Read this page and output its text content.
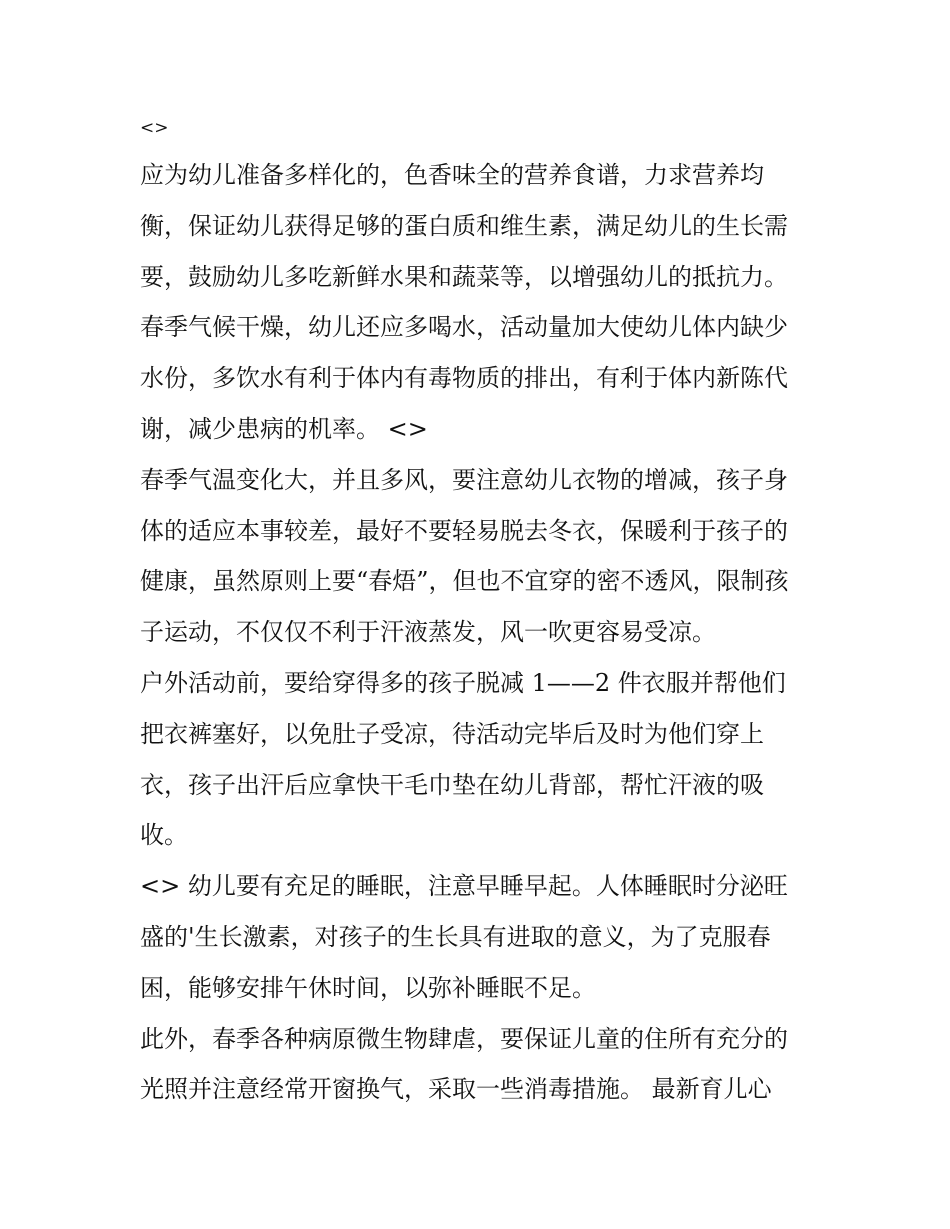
<>
应为幼儿准备多样化的，色香味全的营养食谱，力求营养均
衡，保证幼儿获得足够的蛋白质和维生素，满足幼儿的生长需
要，鼓励幼儿多吃新鲜水果和蔬菜等，以增强幼儿的抵抗力。
春季气候干燥，幼儿还应多喝水，活动量加大使幼儿体内缺少
水份，多饮水有利于体内有毒物质的排出，有利于体内新陈代
谢，减少患病的机率。 <>
春季气温变化大，并且多风，要注意幼儿衣物的增减，孩子身
体的适应本事较差，最好不要轻易脱去冬衣，保暖利于孩子的
健康，虽然原则上要“春焐”，但也不宜穿的密不透风，限制孩
子运动，不仅仅不利于汗液蒸发，风一吹更容易受凉。
户外活动前，要给穿得多的孩子脱减 1——2 件衣服并帮他们
把衣裤塞好，以免肚子受凉，待活动完毕后及时为他们穿上
衣，孩子出汗后应拿快干毛巾垫在幼儿背部，帮忙汗液的吸
收。
<> 幼儿要有充足的睡眠，注意早睡早起。人体睡眠时分泌旺
盛的'生长激素，对孩子的生长具有进取的意义，为了克服春
困，能够安排午休时间，以弥补睡眠不足。
此外，春季各种病原微生物肆虐，要保证儿童的住所有充分的
光照并注意经常开窗换气，采取一些消毒措施。 最新育儿心
